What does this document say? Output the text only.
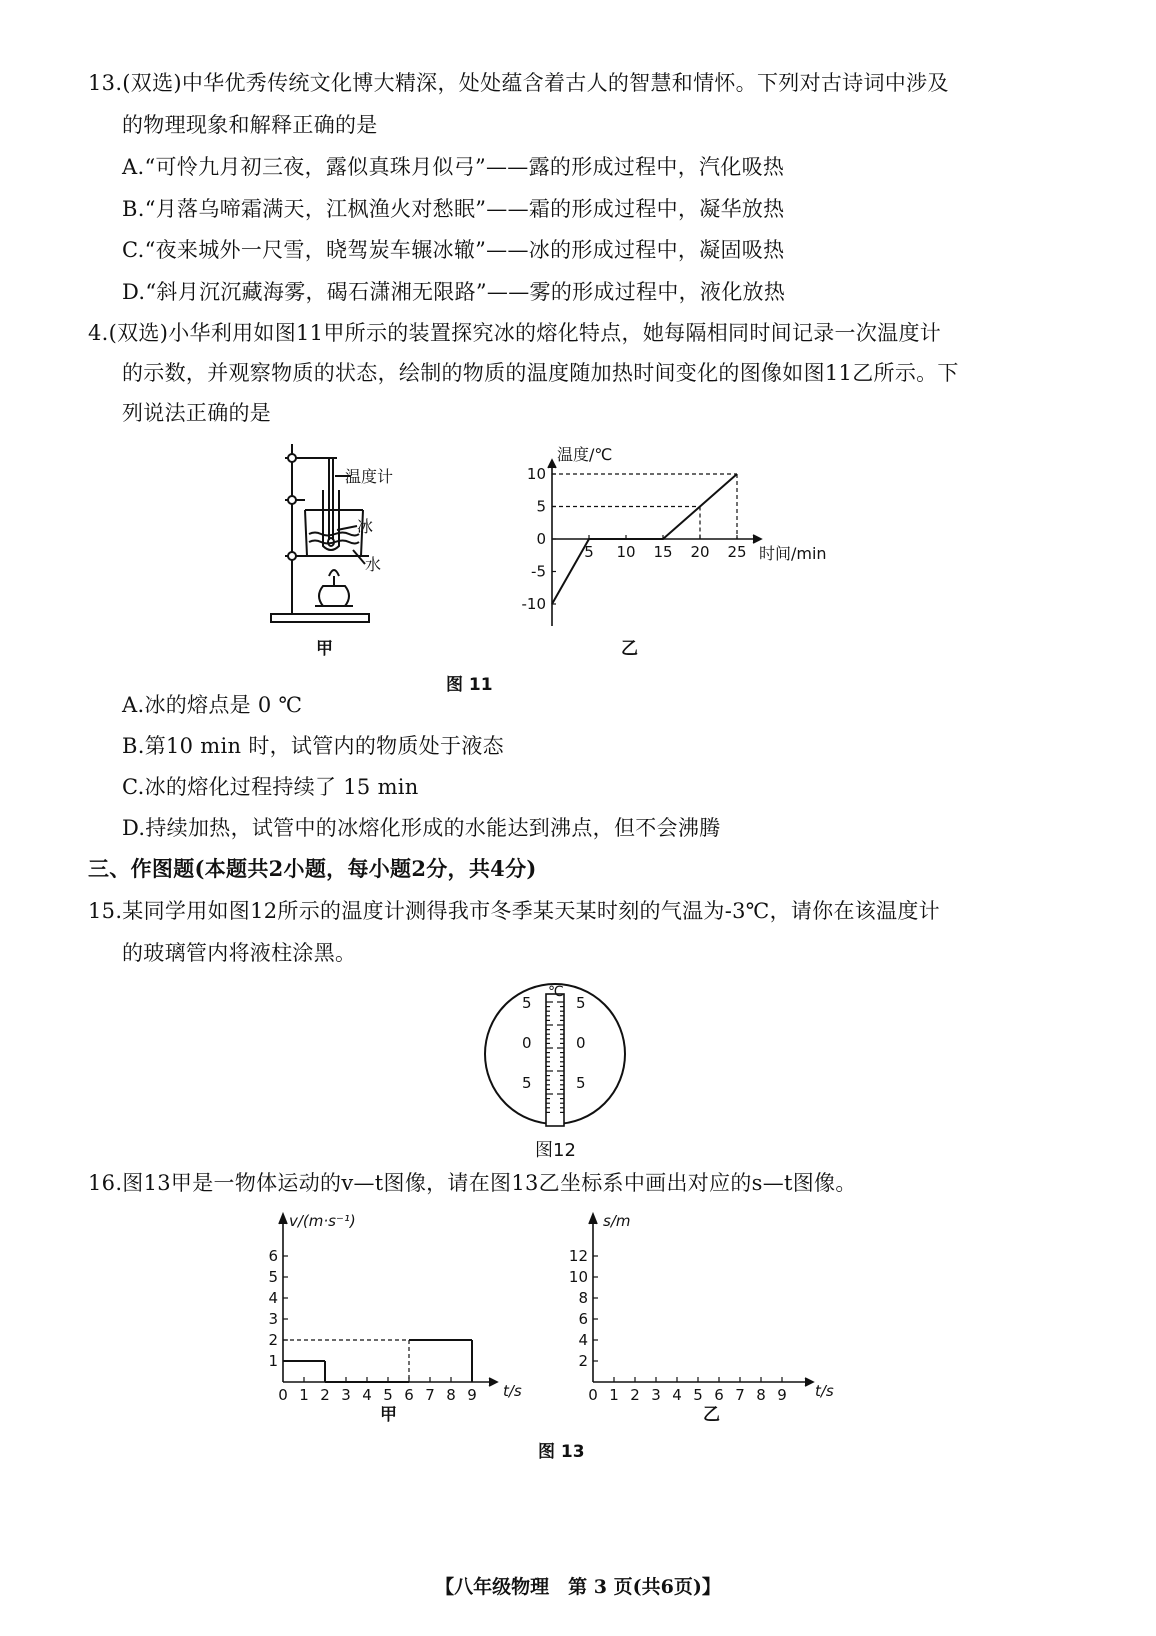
13.(双选)中华优秀传统文化博大精深，处处蕴含着古人的智慧和情怀。下列对古诗词中涉及
的物理现象和解释正确的是
A.“可怜九月初三夜，露似真珠月似弓”——露的形成过程中，汽化吸热
B.“月落乌啼霜满天，江枫渔火对愁眠”——霜的形成过程中，凝华放热
C.“夜来城外一尺雪，晓驾炭车辗冰辙”——冰的形成过程中，凝固吸热
D.“斜月沉沉藏海雾，碣石潇湘无限路”——雾的形成过程中，液化放热
4.(双选)小华利用如图11甲所示的装置探究冰的熔化特点，她每隔相同时间记录一次温度计
的示数，并观察物质的状态，绘制的物质的温度随加热时间变化的图像如图11乙所示。下
列说法正确的是
温度计
冰
水
甲
10
5
0
-5
-10
5 10 15 20 25
温度/℃
时间/min
乙
图 11
A.冰的熔点是 0 ℃
B.第10 min 时，试管内的物质处于液态
C.冰的熔化过程持续了 15 min
D.持续加热，试管中的冰熔化形成的水能达到沸点，但不会沸腾
三、作图题(本题共2小题，每小题2分，共4分)
15.某同学用如图12所示的温度计测得我市冬季某天某时刻的气温为-3℃，请你在该温度计
的玻璃管内将液柱涂黑。
℃
5
0
5
5
0
5
图12
16.图13甲是一物体运动的v—t图像，请在图13乙坐标系中画出对应的s—t图像。
1
2
3
4
5
6
0 1 2 3 4 5 6 7 8 9
v/(m·s⁻¹)
t/s
甲
2
4
6
8
10
12
0 1 2 3 4 5 6 7 8 9
s/m
t/s
乙
图 13
【八年级物理　第 3 页(共6页)】
